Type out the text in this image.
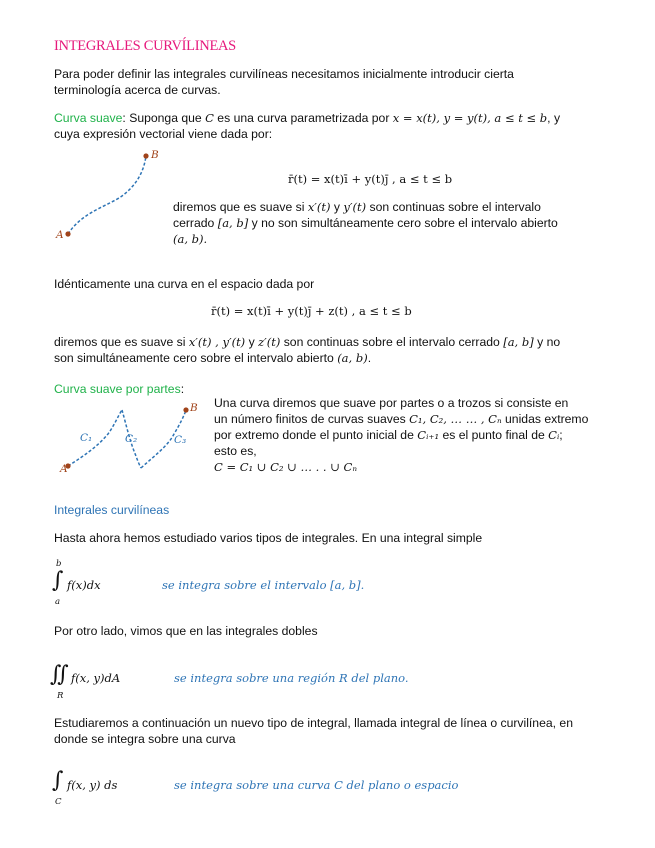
INTEGRALES CURVÍLINEAS
Para poder definir las integrales curvilíneas necesitamos inicialmente introducir cierta
terminología acerca de curvas.
Curva suave: Suponga que C es una curva parametrizada por x = x(t), y = y(t), a ≤ t ≤ b, y
cuya expresión vectorial viene dada por:
A
B
r̄(t) = x(t)ī + y(t)j̄ , a ≤ t ≤ b
diremos que es suave si x′(t) y y′(t) son continuas sobre el intervalo
cerrado [a, b] y no son simultáneamente cero sobre el intervalo abierto
(a, b).
Idénticamente una curva en el espacio dada por
r̄(t) = x(t)ī + y(t)j̄ + z(t) , a ≤ t ≤ b
diremos que es suave si x′(t) , y′(t) y z′(t) son continuas sobre el intervalo cerrado [a, b] y no
son simultáneamente cero sobre el intervalo abierto (a, b).
Curva suave por partes:
A
B
C₁	C₂	C₃
Una curva diremos que suave por partes o a trozos si consiste en
un número finitos de curvas suaves C₁, C₂, … … , Cₙ unidas extremo
por extremo donde el punto inicial de Cᵢ₊₁ es el punto final de Cᵢ;
esto es,
C = C₁ ∪ C₂ ∪ … . . ∪ Cₙ
Integrales curvilíneas
Hasta ahora hemos estudiado varios tipos de integrales. En una integral simple
b
∫
a
f(x)dx	se integra sobre el intervalo [a, b].
Por otro lado, vimos que en las integrales dobles
∬
R
f(x, y)dA	se integra sobre una región R del plano.
Estudiaremos a continuación un nuevo tipo de integral, llamada integral de línea o curvilínea, en
donde se integra sobre una curva
∫
C
f(x, y) ds	se integra sobre una curva C del plano o espacio
